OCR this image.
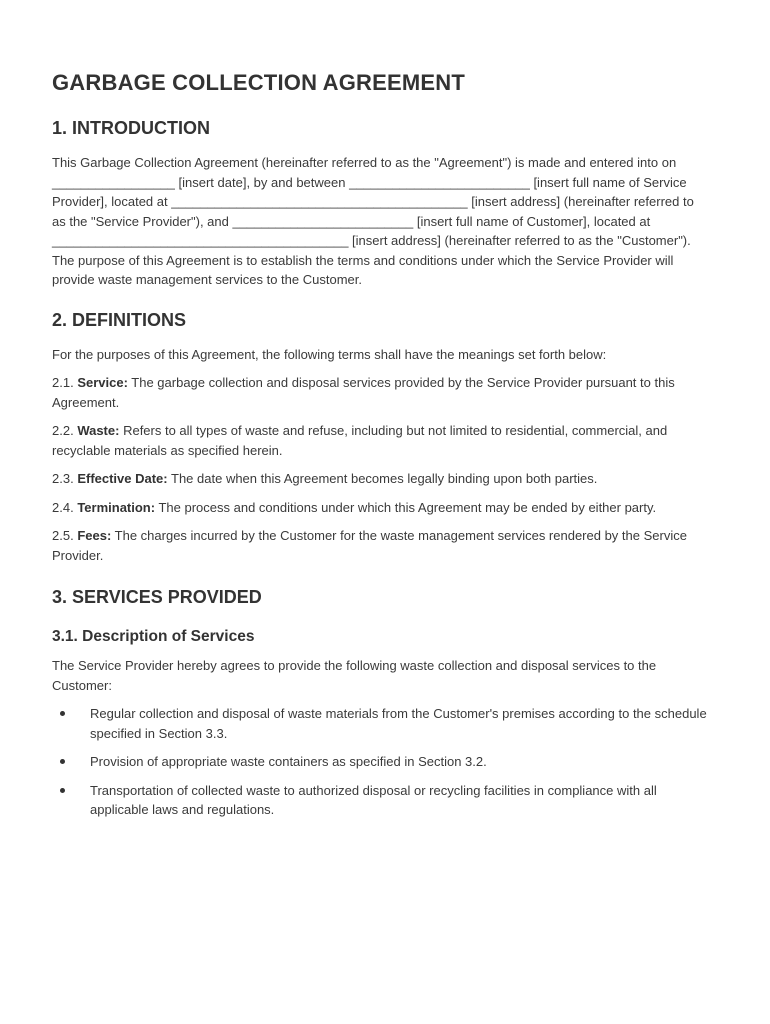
GARBAGE COLLECTION AGREEMENT
1. INTRODUCTION

This Garbage Collection Agreement (hereinafter referred to as the "Agreement") is made and entered into on _________________ [insert date], by and between _________________________ [insert full name of Service Provider], located at _________________________________________ [insert address] (hereinafter referred to as the "Service Provider"), and _________________________ [insert full name of Customer], located at _________________________________________ [insert address] (hereinafter referred to as the "Customer"). The purpose of this Agreement is to establish the terms and conditions under which the Service Provider will provide waste management services to the Customer.

2. DEFINITIONS

For the purposes of this Agreement, the following terms shall have the meanings set forth below:

2.1. Service: The garbage collection and disposal services provided by the Service Provider pursuant to this Agreement.

2.2. Waste: Refers to all types of waste and refuse, including but not limited to residential, commercial, and recyclable materials as specified herein.

2.3. Effective Date: The date when this Agreement becomes legally binding upon both parties.

2.4. Termination: The process and conditions under which this Agreement may be ended by either party.

2.5. Fees: The charges incurred by the Customer for the waste management services rendered by the Service Provider.

3. SERVICES PROVIDED
3.1. Description of Services

The Service Provider hereby agrees to provide the following waste collection and disposal services to the Customer:

Regular collection and disposal of waste materials from the Customer's premises according to the schedule specified in Section 3.3.
Provision of appropriate waste containers as specified in Section 3.2.
Transportation of collected waste to authorized disposal or recycling facilities in compliance with all applicable laws and regulations.
